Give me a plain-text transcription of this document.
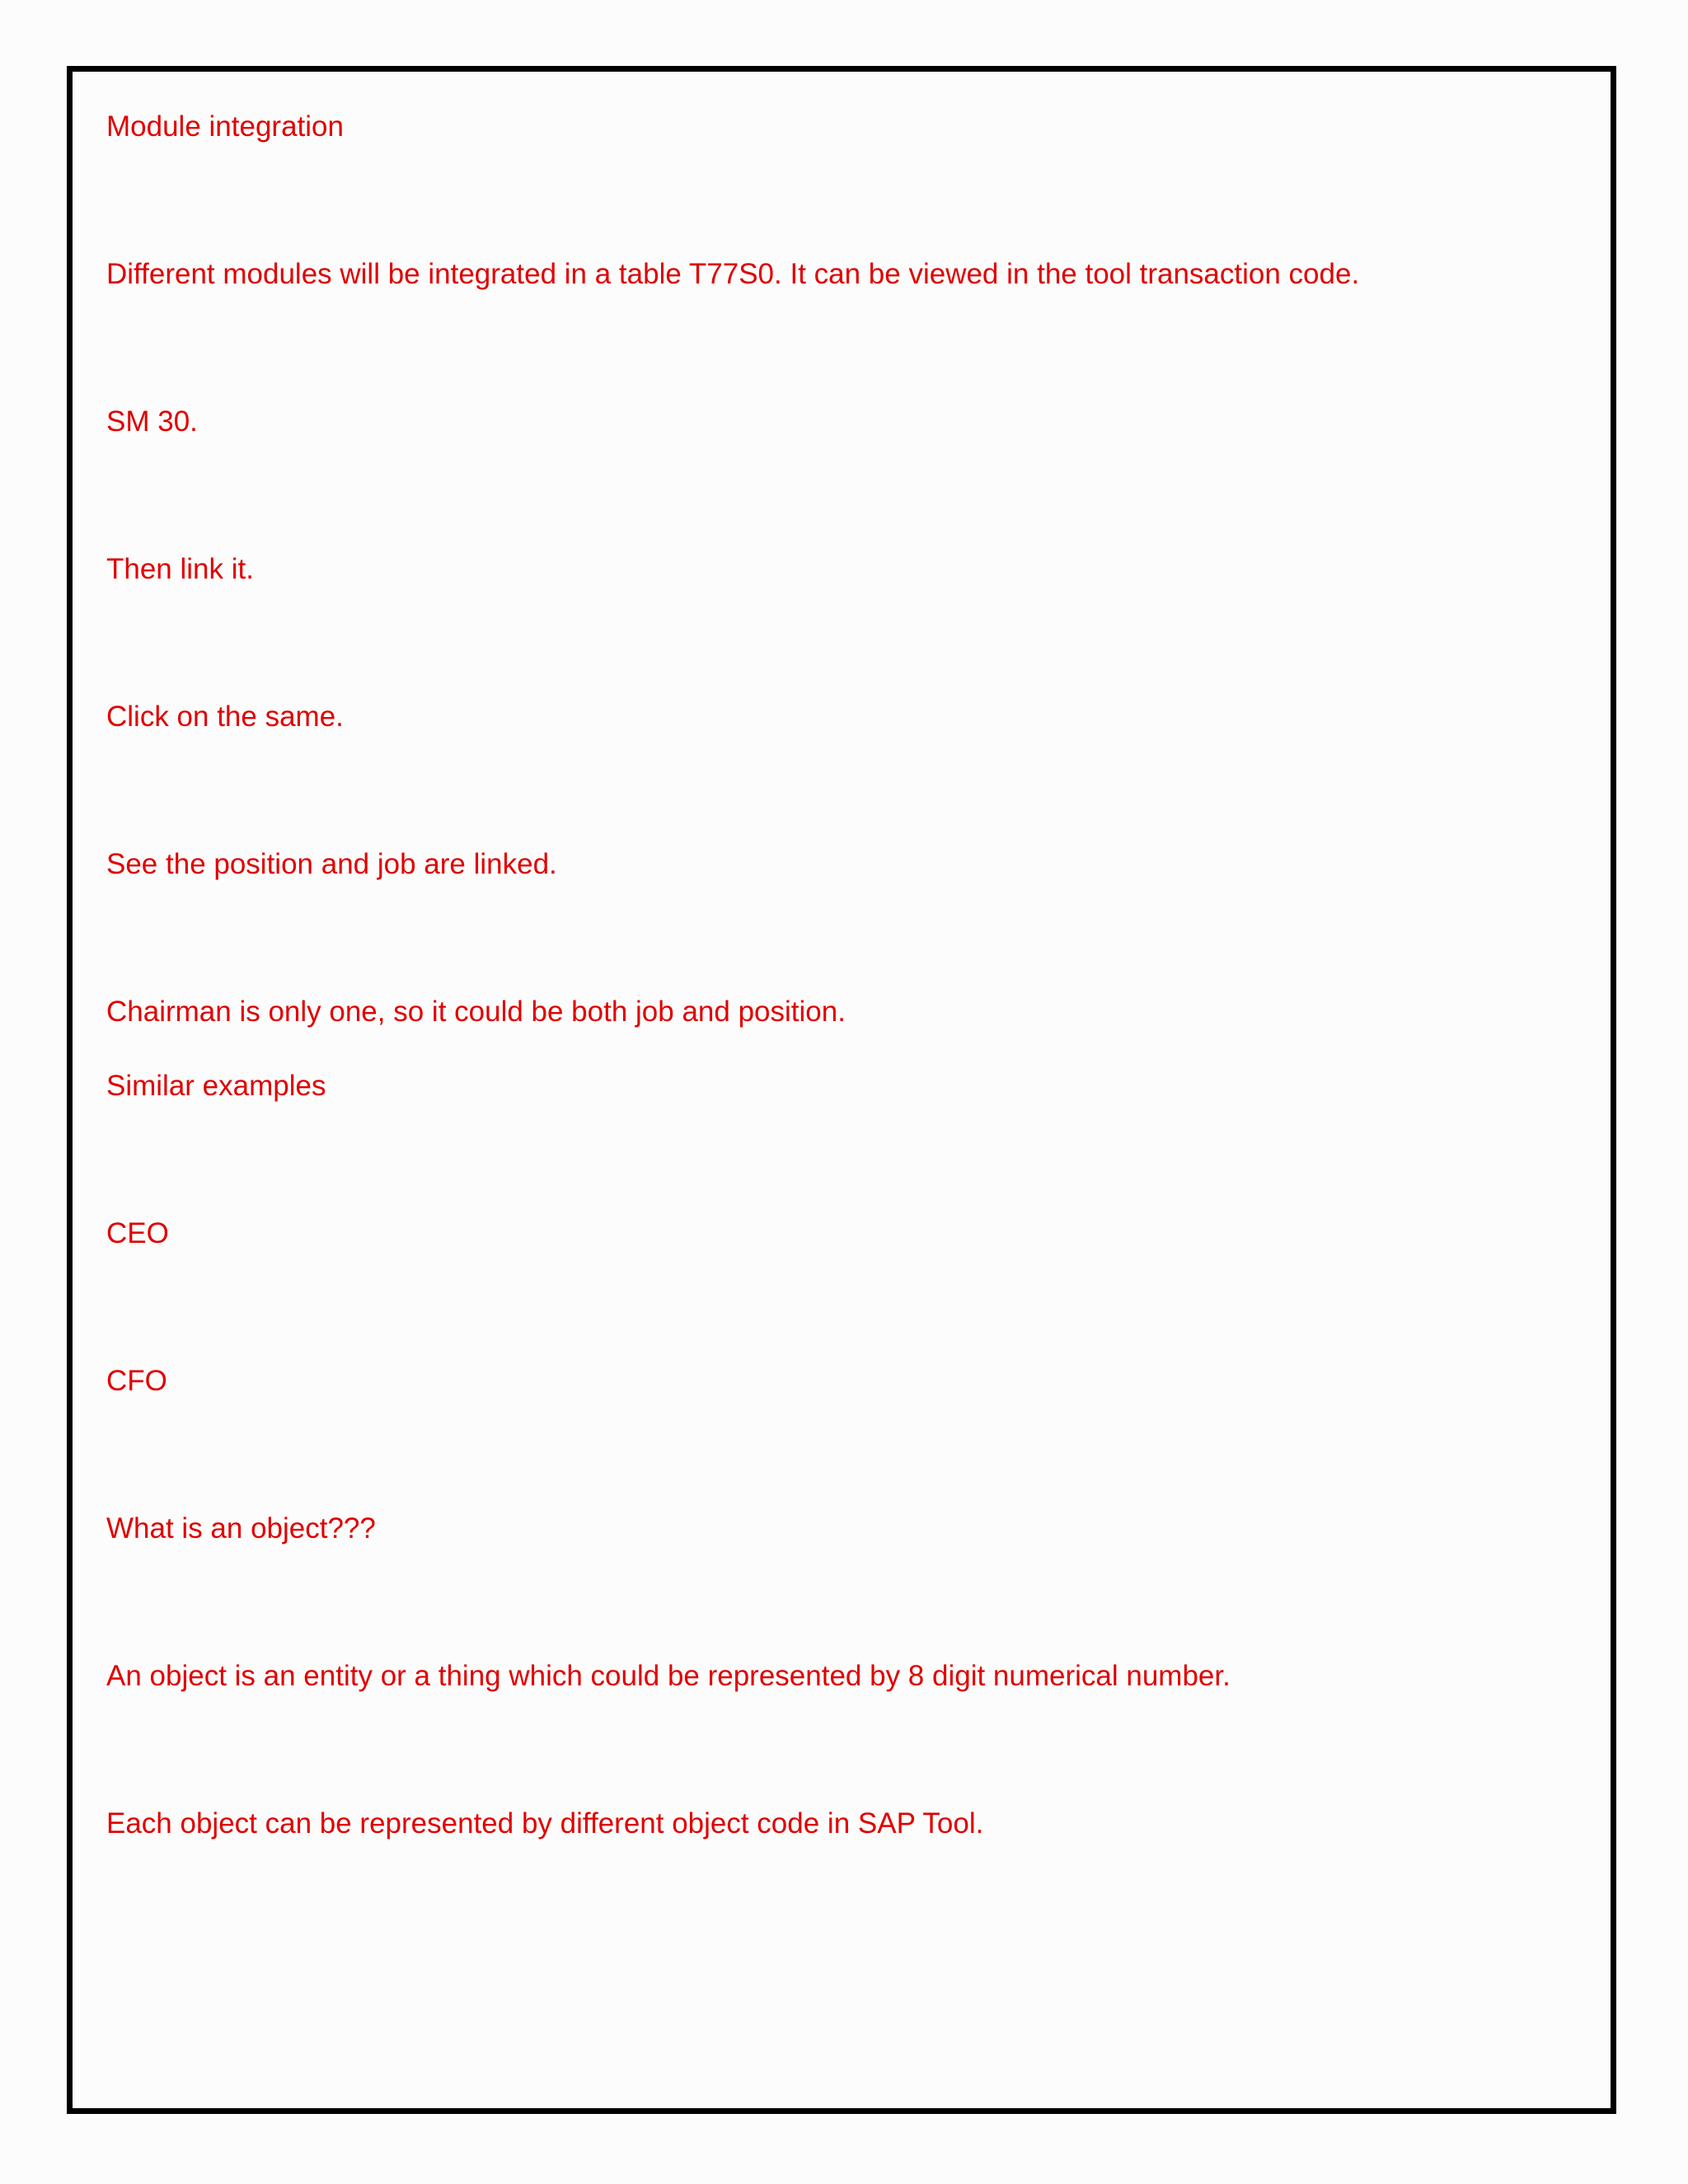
Module integration

Different modules will be integrated in a table T77S0. It can be viewed in the tool transaction code.

SM 30.

Then link it.

Click on the same.

See the position and job are linked.

Chairman is only one, so it could be both job and position.

Similar examples

CEO

CFO

What is an object???

An object is an entity or a thing which could be represented by 8 digit numerical number.

Each object can be represented by different object code in SAP Tool.
